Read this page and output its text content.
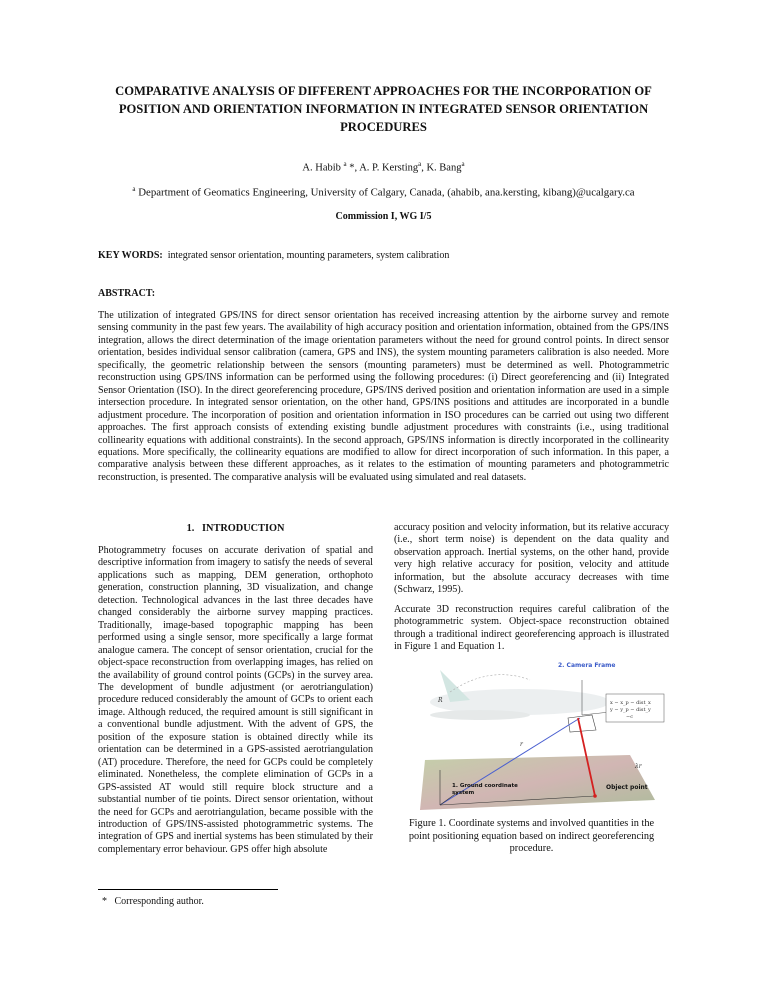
COMPARATIVE ANALYSIS OF DIFFERENT APPROACHES FOR THE INCORPORATION OF POSITION AND ORIENTATION INFORMATION IN INTEGRATED SENSOR ORIENTATION PROCEDURES
A. Habib $^a$ *, A. P. Kersting$^a$, K. Bang$^a$
$^a$ Department of Geomatics Engineering, University of Calgary, Canada, (ahabib, ana.kersting, kibang)@ucalgary.ca
Commission I, WG I/5
KEY WORDS: integrated sensor orientation, mounting parameters, system calibration
ABSTRACT:

The utilization of integrated GPS/INS for direct sensor orientation has received increasing attention by the airborne survey and remote sensing community in the past few years. The availability of high accuracy position and orientation information, obtained from the GPS/INS integration, allows the direct determination of the image orientation parameters without the need for ground control points. In direct sensor orientation, besides individual sensor calibration (camera, GPS and INS), the system mounting parameters calibration is also needed. More specifically, the geometric relationship between the sensors (mounting parameters) must be determined as well. Photogrammetric reconstruction using GPS/INS information can be performed using the following procedures: (i) Direct georeferencing and (ii) Integrated Sensor Orientation (ISO). In the direct georeferencing procedure, GPS/INS derived position and orientation information are used in a simple intersection procedure. In integrated sensor orientation, on the other hand, GPS/INS positions and attitudes are incorporated in a bundle adjustment procedure. The incorporation of position and orientation information in ISO procedures can be carried out using two different approaches. The first approach consists of extending existing bundle adjustment procedures with constraints (i.e., using traditional collinearity equations with additional constraints). In the second approach, GPS/INS information is directly incorporated in the collinearity equations. More specifically, the collinearity equations are modified to allow for direct incorporation of such information. In this paper, a comparative analysis between these different approaches, as it relates to the estimation of mounting parameters and photogrammetric reconstruction, is presented. The comparative analysis will be evaluated using simulated and real datasets.

1.   INTRODUCTION

Photogrammetry focuses on accurate derivation of spatial and descriptive information from imagery to satisfy the needs of several applications such as mapping, DEM generation, orthophoto generation, construction planning, 3D visualization, and change detection. Technological advances in the last three decades have changed considerably the airborne survey mapping practices. Traditionally, image-based topographic mapping has been performed using a single sensor, more specifically a large format analogue camera. The concept of sensor orientation, crucial for the object-space reconstruction from overlapping images, has relied on the availability of ground control points (GCPs) in the survey area. The development of bundle adjustment (or aerotriangulation) procedure reduced considerably the amount of GCPs to orient each image. Although reduced, the required amount is still significant in a conventional bundle adjustment. With the advent of GPS, the position of the exposure station is obtained directly while its orientation can be determined in a GPS-assisted aerotriangulation (AT) procedure. Therefore, the need for GCPs could be completely eliminated. Nonetheless, the complete elimination of GCPs in a GPS-assisted AT would still require block structure and a substantial number of tie points. Direct sensor orientation, without the need for GCPs and aerotriangulation, became possible with the introduction of GPS/INS-assisted photogrammetric systems. The integration of GPS and inertial systems has been stimulated by their complementary error behaviour. GPS offer high absolute

*   Corresponding author.

accuracy position and velocity information, but its relative accuracy (i.e., short term noise) is dependent on the data quality and observation approach. Inertial systems, on the other hand, provide very high relative accuracy for position, velocity and attitude information, but the absolute accuracy decreases with time (Schwarz, 1995).

Accurate 3D reconstruction requires careful calibration of the photogrammetric system. Object-space reconstruction obtained through a traditional indirect georeferencing approach is illustrated in Figure 1 and Equation 1.

x − x_p − dist_x
y − y_p − dist_y
−c
R
r
λr
2. Camera Frame
1. Ground coordinate system
Object point
Figure 1. Coordinate systems and involved quantities in the point positioning equation based on indirect georeferencing procedure.
